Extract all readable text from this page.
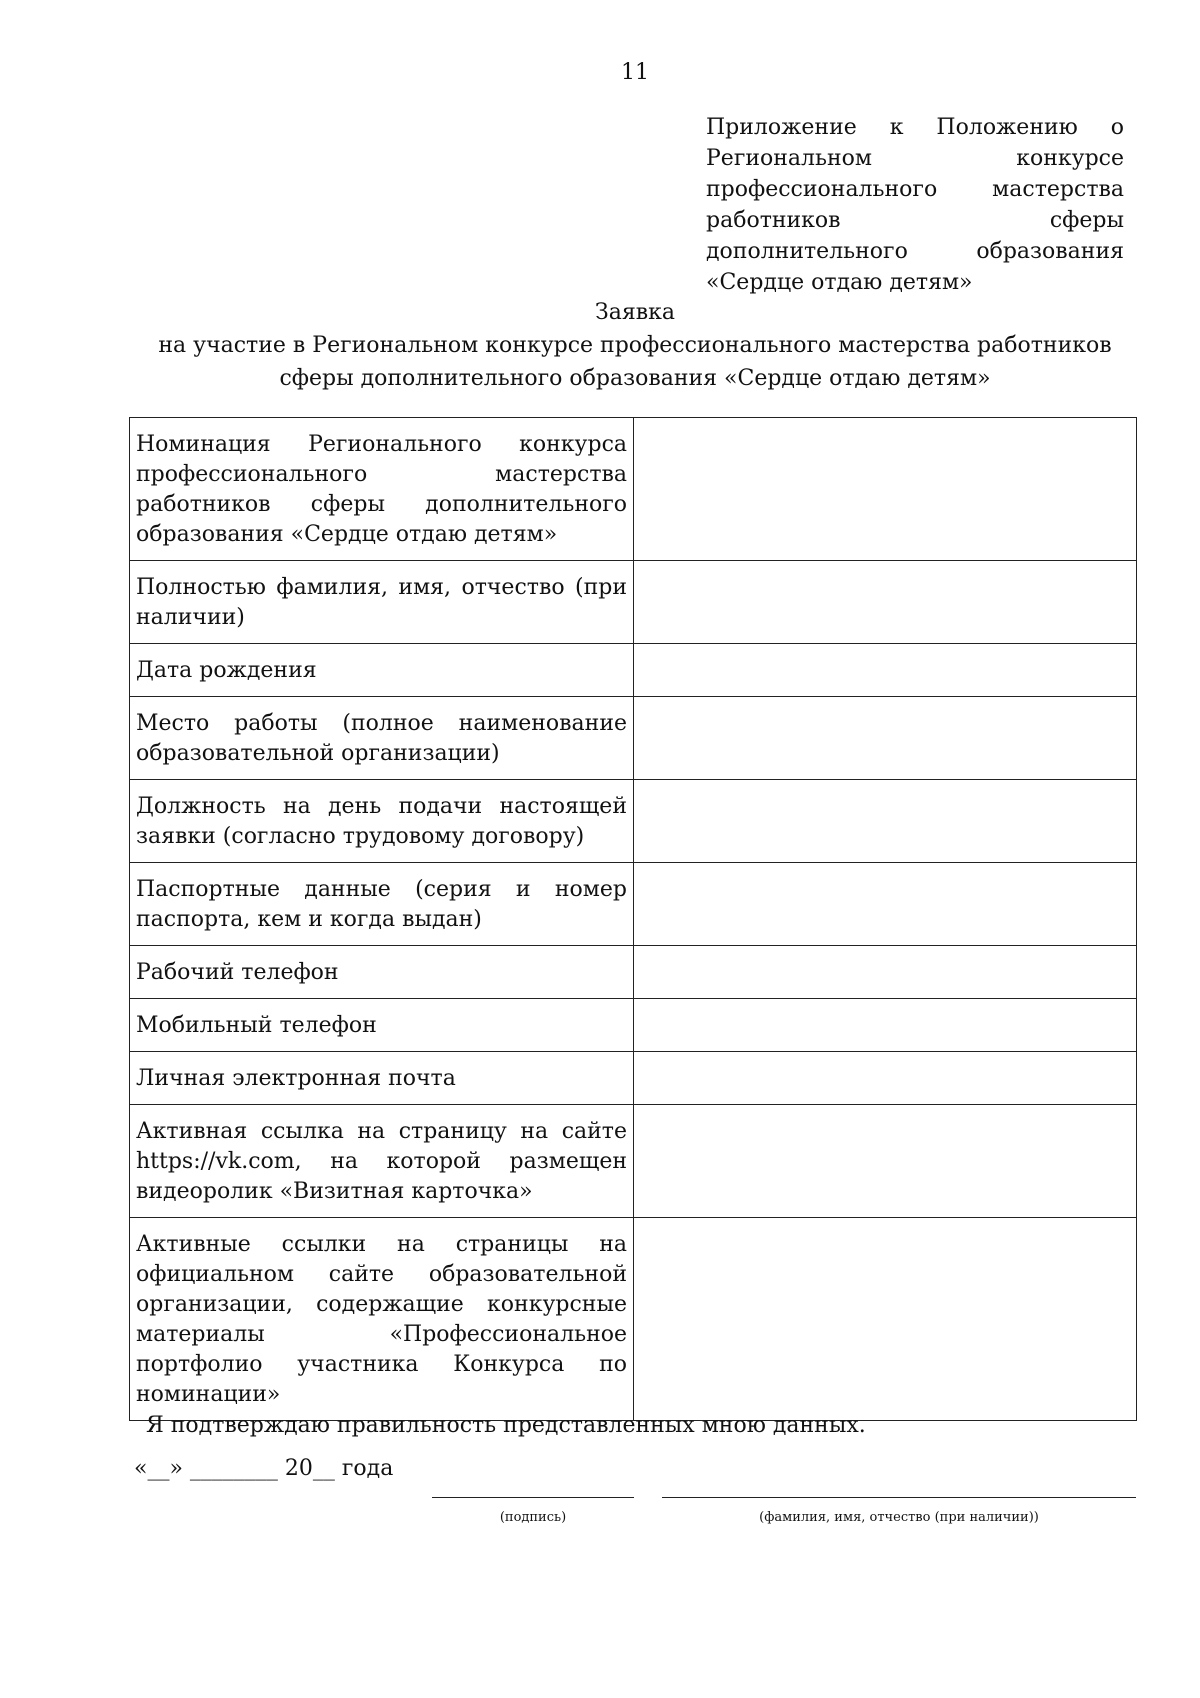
11
Приложение к Положению о Региональном конкурсе профессионального мастерства работников сферы дополнительного образования «Сердце отдаю детям»
Заявка
на участие в Региональном конкурсе профессионального мастерства работников
сферы дополнительного образования «Сердце отдаю детям»
Номинация Регионального конкурса профессионального мастерства работников сферы дополнительного образования «Сердце отдаю детям»	
Полностью фамилия, имя, отчество (при наличии)	
Дата рождения	
Место работы (полное наименование образовательной организации)	
Должность на день подачи настоящей заявки (согласно трудовому договору)	
Паспортные данные (серия и номер паспорта, кем и когда выдан)	
Рабочий телефон	
Мобильный телефон	
Личная электронная почта	
Активная ссылка на страницу на сайте https://vk.com, на которой размещен видеоролик «Визитная карточка»	
Активные ссылки на страницы на официальном сайте образовательной организации, содержащие конкурсные материалы «Профессиональное портфолио участника Конкурса по номинации»	
Я подтверждаю правильность представленных мною данных.
«__» ________ 20__ года
(подпись)	(фамилия, имя, отчество (при наличии))
